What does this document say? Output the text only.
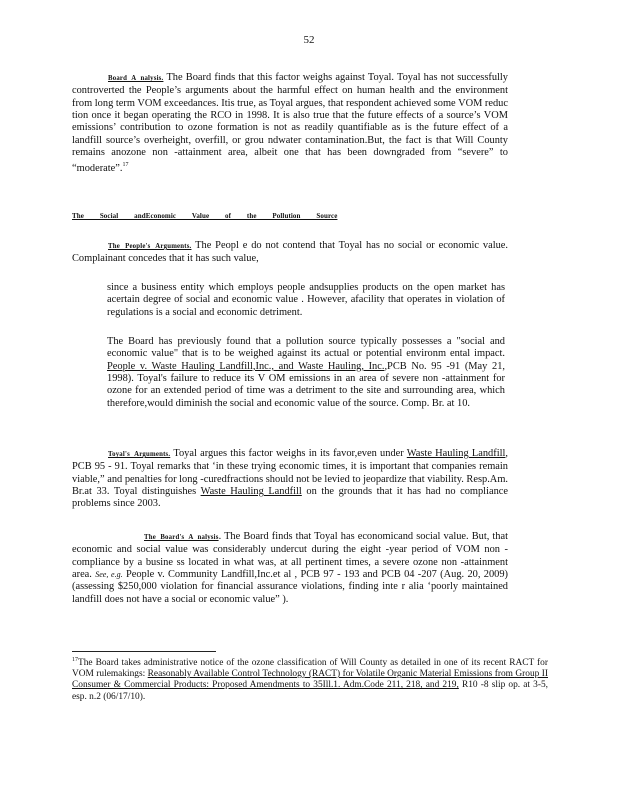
52
Board A nalysis. The Board finds that this factor weighs against Toyal. Toyal has not successfully controverted the People’s arguments about the harmful effect on human health and the environment from long term VOM exceedances. Itis true, as Toyal argues, that respondent achieved some VOM reduc tion once it began operating the RCO in 1998. It is also true that the future effects of a source’s VOM emissions’ contribution to ozone formation is not as readily quantifiable as is the future effect of a landfill source’s overheight, overfill, or grou ndwater contamination.But, the fact is that Will County remains anozone non -attainment area, albeit one that has been downgraded from “severe” to “moderate”.$^{17}$
The Social andEconomic Value of the Pollution Source
The People's Arguments. The Peopl e do not contend that Toyal has no social or economic value. Complainant concedes that it has such value,
since a business entity which employs people andsupplies products on the open market has acertain degree of social and economic value . However, afacility that operates in violation of regulations is a social and economic detriment.
The Board has previously found that a pollution source typically possesses a "social and economic value" that is to be weighed against its actual or potential environm ental impact. People v. Waste Hauling Landfill,Inc., and Waste Hauling, Inc.,PCB No. 95 -91 (May 21, 1998). Toyal's failure to reduce its V OM emissions in an area of severe non -attainment for ozone for an extended period of time was a detriment to the site and surrounding area, which therefore,would diminish the social and economic value of the source. Comp. Br. at 10.
Toyal's Arguments. Toyal argues this factor weighs in its favor,even under Waste Hauling Landfill, PCB 95 - 91. Toyal remarks that ‘in these trying economic times, it is important that companies remain viable,” and penalties for long -curedfractions should not be levied to jeopardize that viability. Resp.Am. Br.at 33. Toyal distinguishes Waste Hauling Landfill on the grounds that it has had no compliance problems since 2003.
The Board's A nalysis. The Board finds that Toyal has economicand social value. But, that economic and social value was considerably undercut during the eight -year period of VOM non -compliance by a busine ss located in what was, at all pertinent times, a severe ozone non -attainment area. See, e.g. People v. Community Landfill,Inc.et al , PCB 97 - 193 and PCB 04 -207 (Aug. 20, 2009) (assessing $250,000 violation for financial assurance violations, finding inte r alia ‘poorly maintained landfill does not have a social or economic value” ).
$^{17}$The Board takes administrative notice of the ozone classification of Will County as detailed in one of its recent RACT for VOM rulemakings: Reasonably Available Control Technology (RACT) for Volatile Organic Material Emissions from Group II Consumer & Commercial Products: Proposed Amendments to 35Ill.1. Adm.Code 211, 218, and 219, R10 -8 slip op. at 3-5, esp. n.2 (06/17/10).
